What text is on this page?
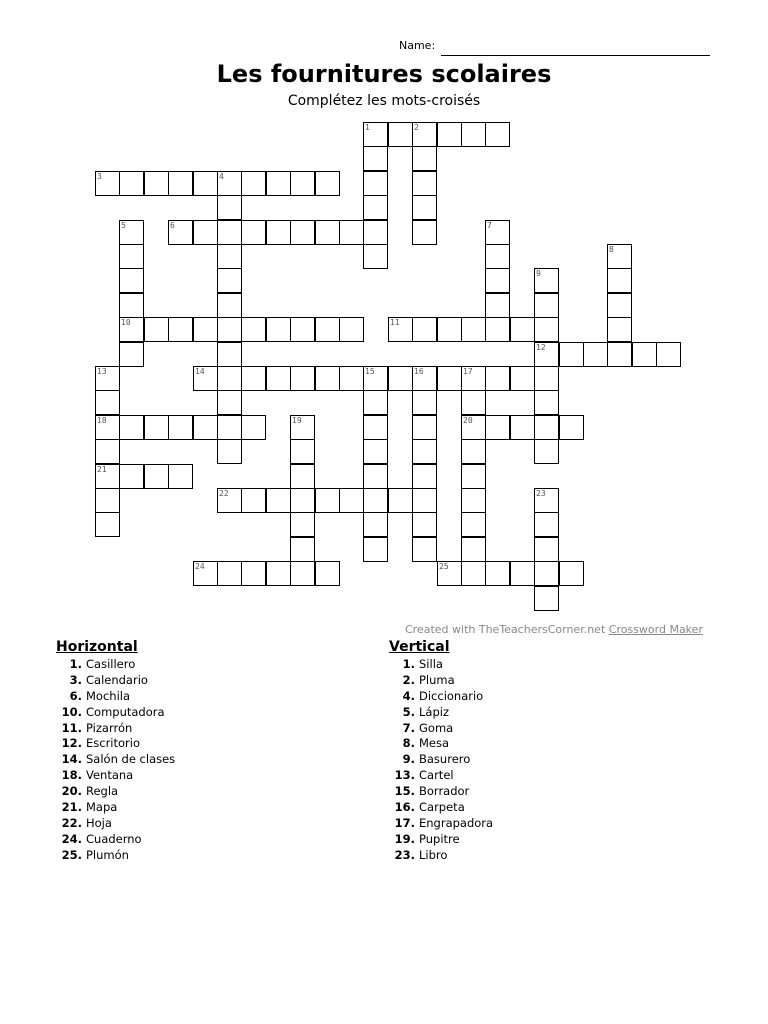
Name:
Les fournitures scolaires
Complétez les mots-croisés
1	2
3	4
5	6	7
8
9
10	11
12
13	14	15	16	17
18	19	20
21
22	23
24	25
Created with TheTeachersCorner.net Crossword Maker
Horizontal
1. Casillero
3. Calendario
6. Mochila
10. Computadora
11. Pizarrón
12. Escritorio
14. Salón de clases
18. Ventana
20. Regla
21. Mapa
22. Hoja
24. Cuaderno
25. Plumón
Vertical
1. Silla
2. Pluma
4. Diccionario
5. Lápiz
7. Goma
8. Mesa
9. Basurero
13. Cartel
15. Borrador
16. Carpeta
17. Engrapadora
19. Pupitre
23. Libro
